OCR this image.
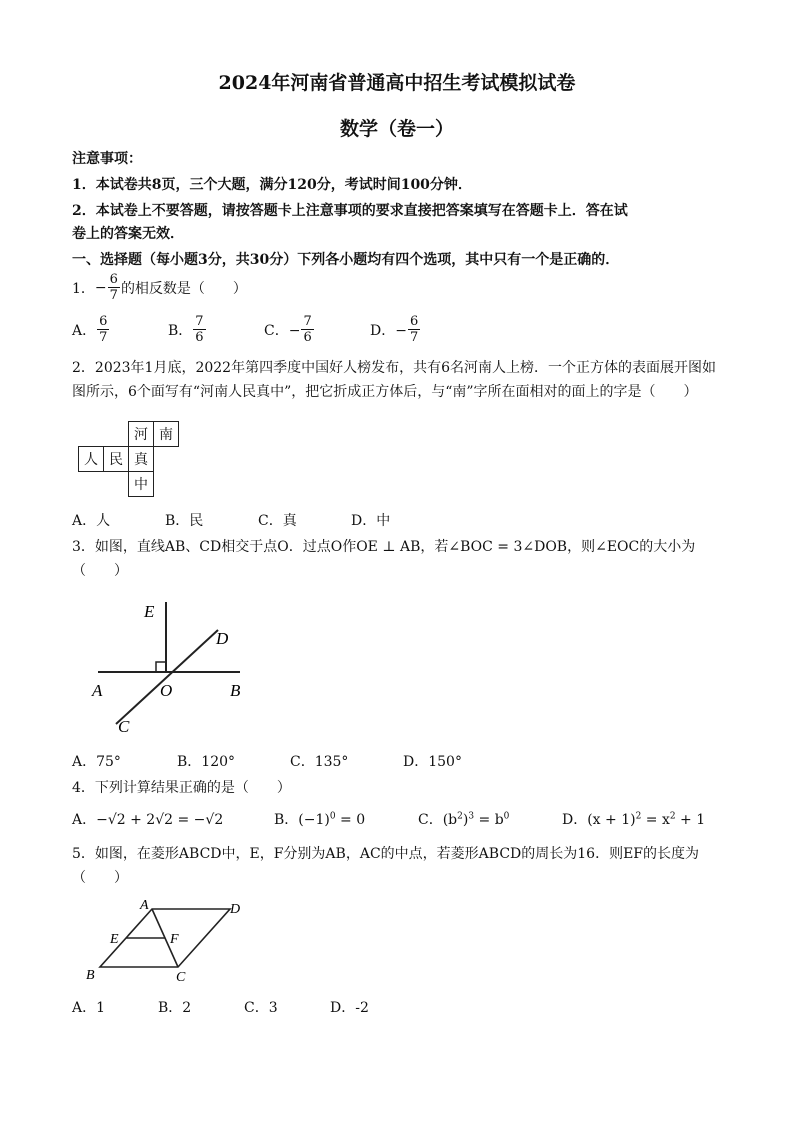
2024年河南省普通高中招生考试模拟试卷
数学（卷一）
注意事项：
1．本试卷共8页，三个大题，满分120分，考试时间100分钟．
2．本试卷上不要答题，请按答题卡上注意事项的要求直接把答案填写在答题卡上．答在试
卷上的答案无效．
一、选择题（每小题3分，共30分）下列各小题均有四个选项，其中只有一个是正确的．
1． − $\frac{6}{7}$ 的相反数是（　　）
A． $\frac{6}{7}$	B． $\frac{7}{6}$	C．− $\frac{7}{6}$	D．− $\frac{6}{7}$
2．2023年1月底，2022年第四季度中国好人榜发布，共有6名河南人上榜．一个正方体的表面展开图如
图所示，6个面写有“河南人民真中”，把它折成正方体后，与“南”字所在面相对的面上的字是（　　）
		河	南
人	民	真	
		中	
A．人	B．民	C．真	D．中
3．如图，直线AB、CD相交于点O．过点O作OE ⊥ AB，若∠BOC = 3∠DOB，则∠EOC的大小为
（　　）
E
D
A	O	B
C
A．75°	B．120°	C．135°	D．150°
4．下列计算结果正确的是（　　）
A．−√2 + 2√2 = −√2	B．$(-1)^0 = 0$	C．$(b^2)^3 = b^0$	D．$(x + 1)^2 = x^2 + 1$
5．如图，在菱形ABCD中，E，F分别为AB，AC的中点，若菱形ABCD的周长为16．则EF的长度为
（　　）
A	D
E	F
B	C
A．1	B．2	C．3	D．-2
